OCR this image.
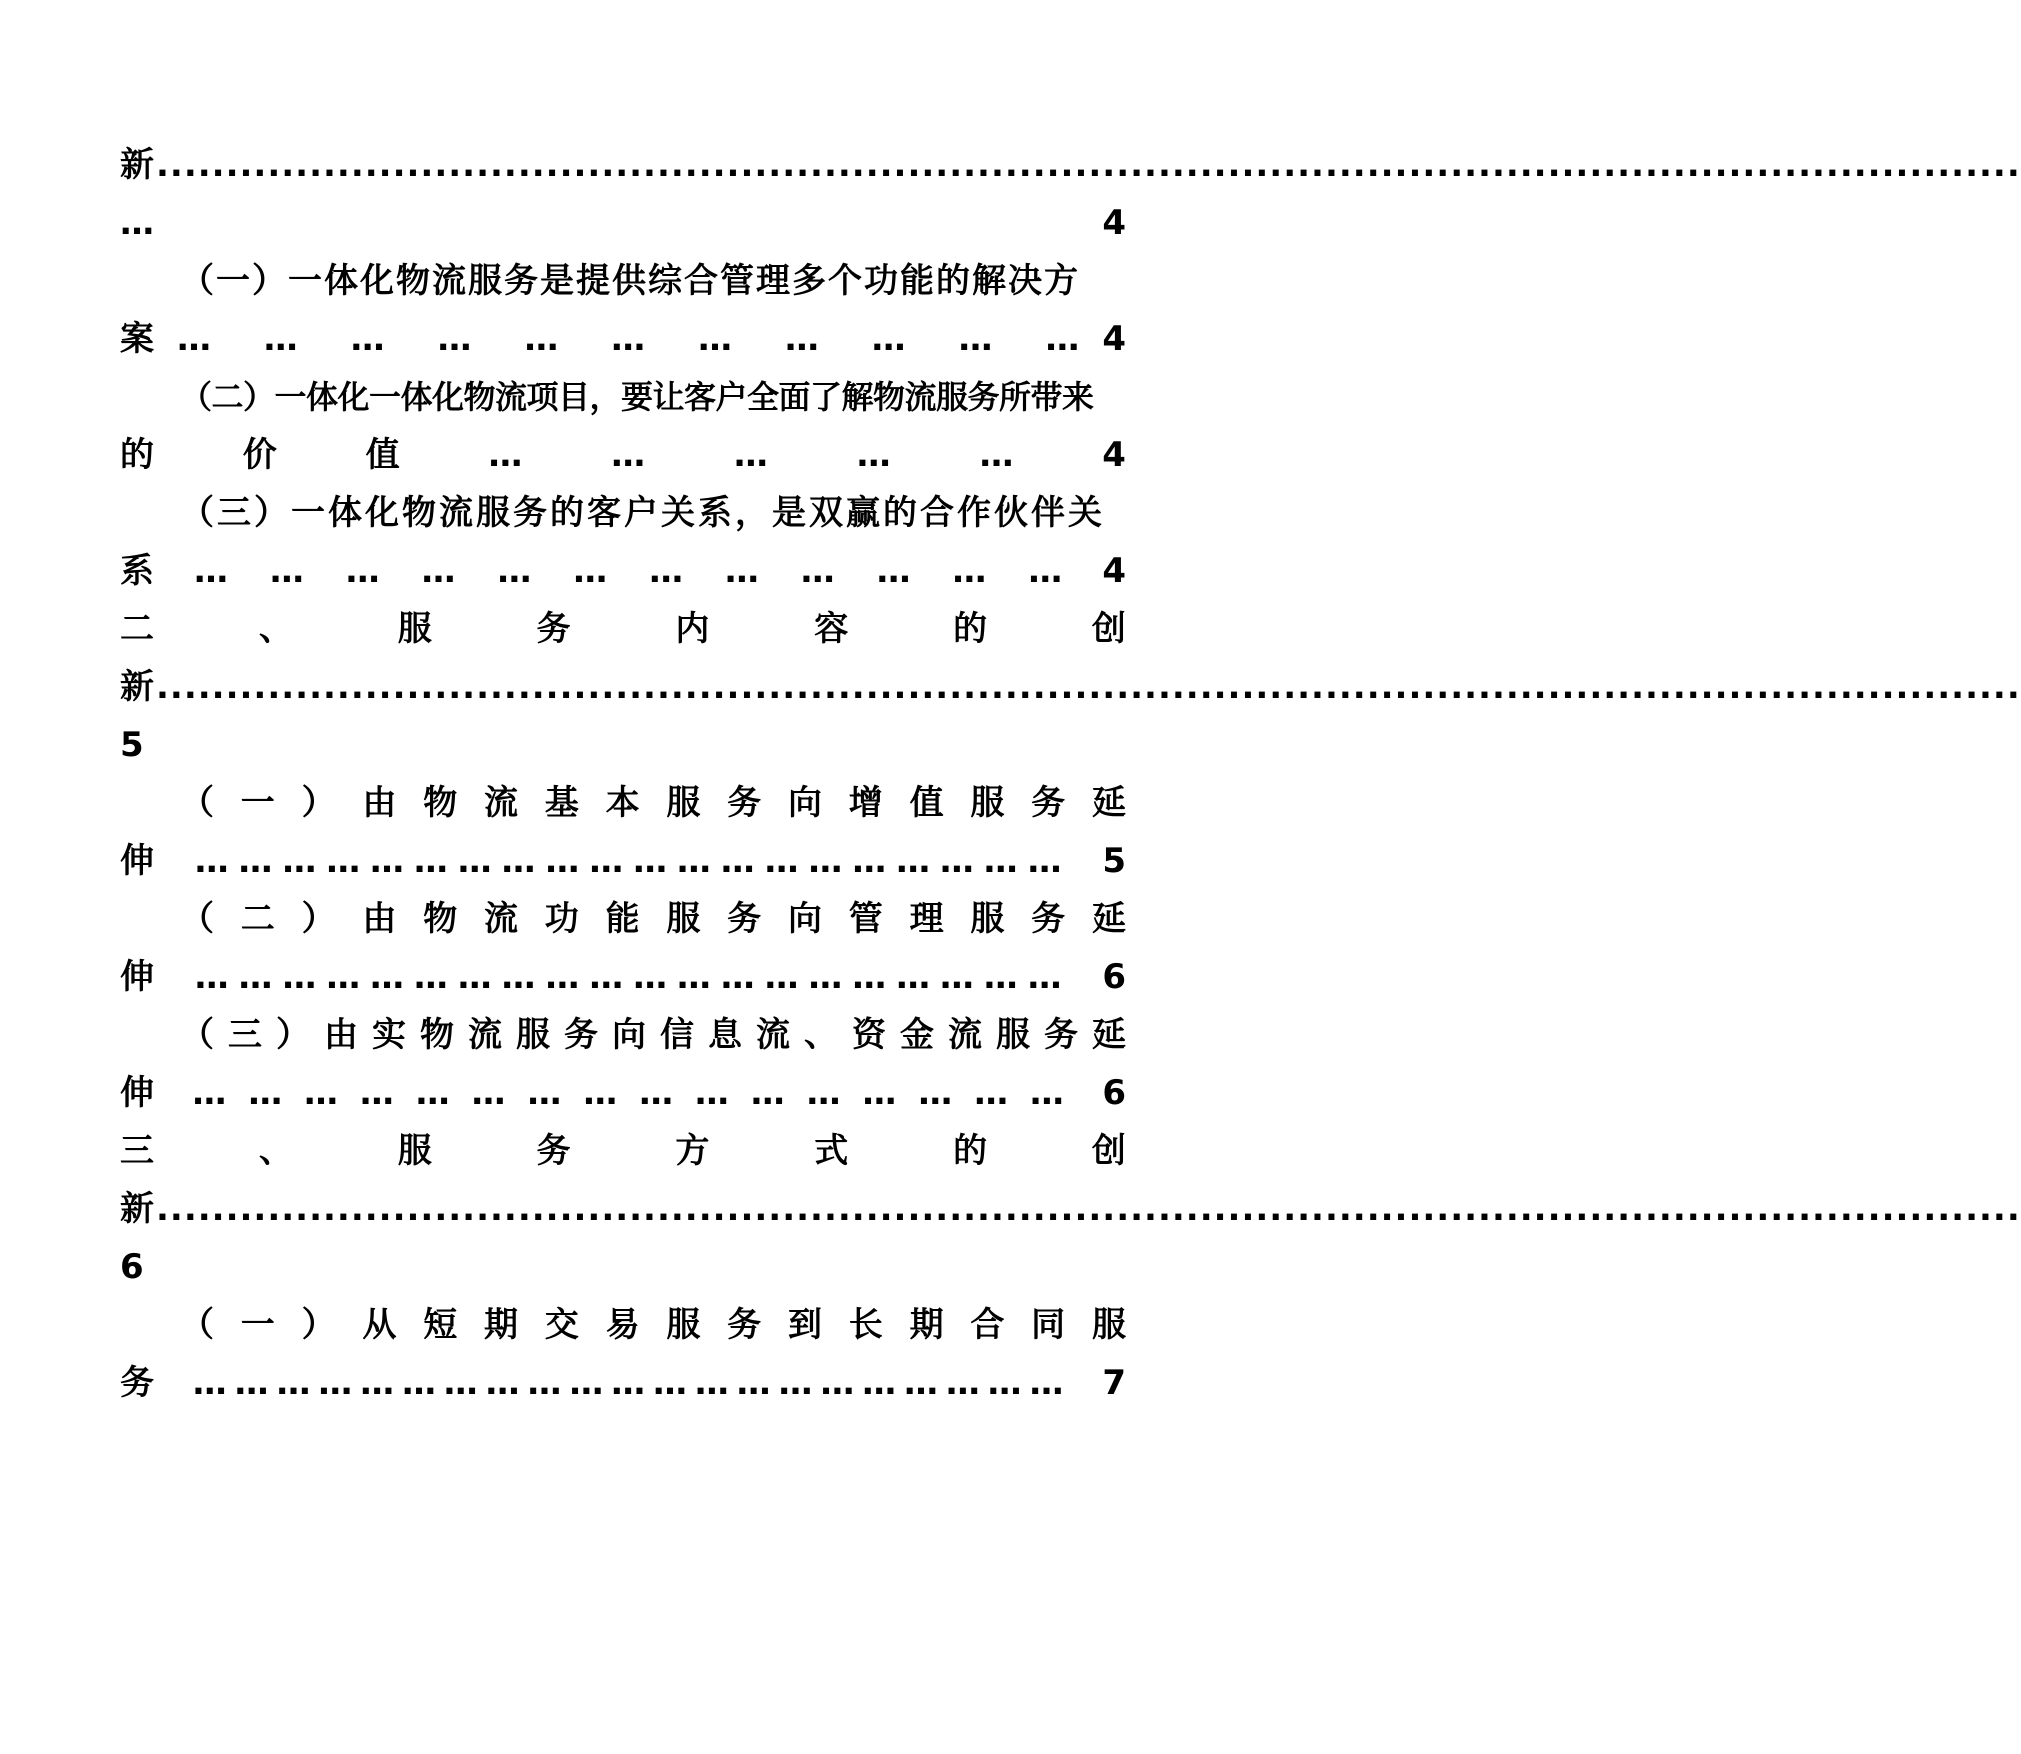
新 ......................................................................................................................................
…	4
（一）一体化物流服务是提供综合管理多个功能的解决方
案 … … … … … … … … … … … 4
（二）一体化一体化物流项目，要让客户全面了解物流服务所带来
的	价	值	…	…	…	…	…	4
（三）一体化物流服务的客户关系，是双赢的合作伙伴关
系 … … … … … … … … … … … … 4
二	、	服	务	内	容	的	创
新 ......................................................................................................................................
5
（ 一 ） 由 物 流 基 本 服 务 向 增 值 服 务 延
伸	… … … … … … … … … … … … … … … … … … … …	5
（ 二 ） 由 物 流 功 能 服 务 向 管 理 服 务 延
伸	… … … … … … … … … … … … … … … … … … … …	6
（ 三 ） 由 实 物 流 服 务 向 信 息 流 、 资 金 流 服 务 延
伸	… … … … … … … … … … … … … … … …	6
三	、	服	务	方	式	的	创
新 ......................................................................................................................................
6
（ 一 ） 从 短 期 交 易 服 务 到 长 期 合 同 服
务	… … … … … … … … … … … … … … … … … … … … …	7
